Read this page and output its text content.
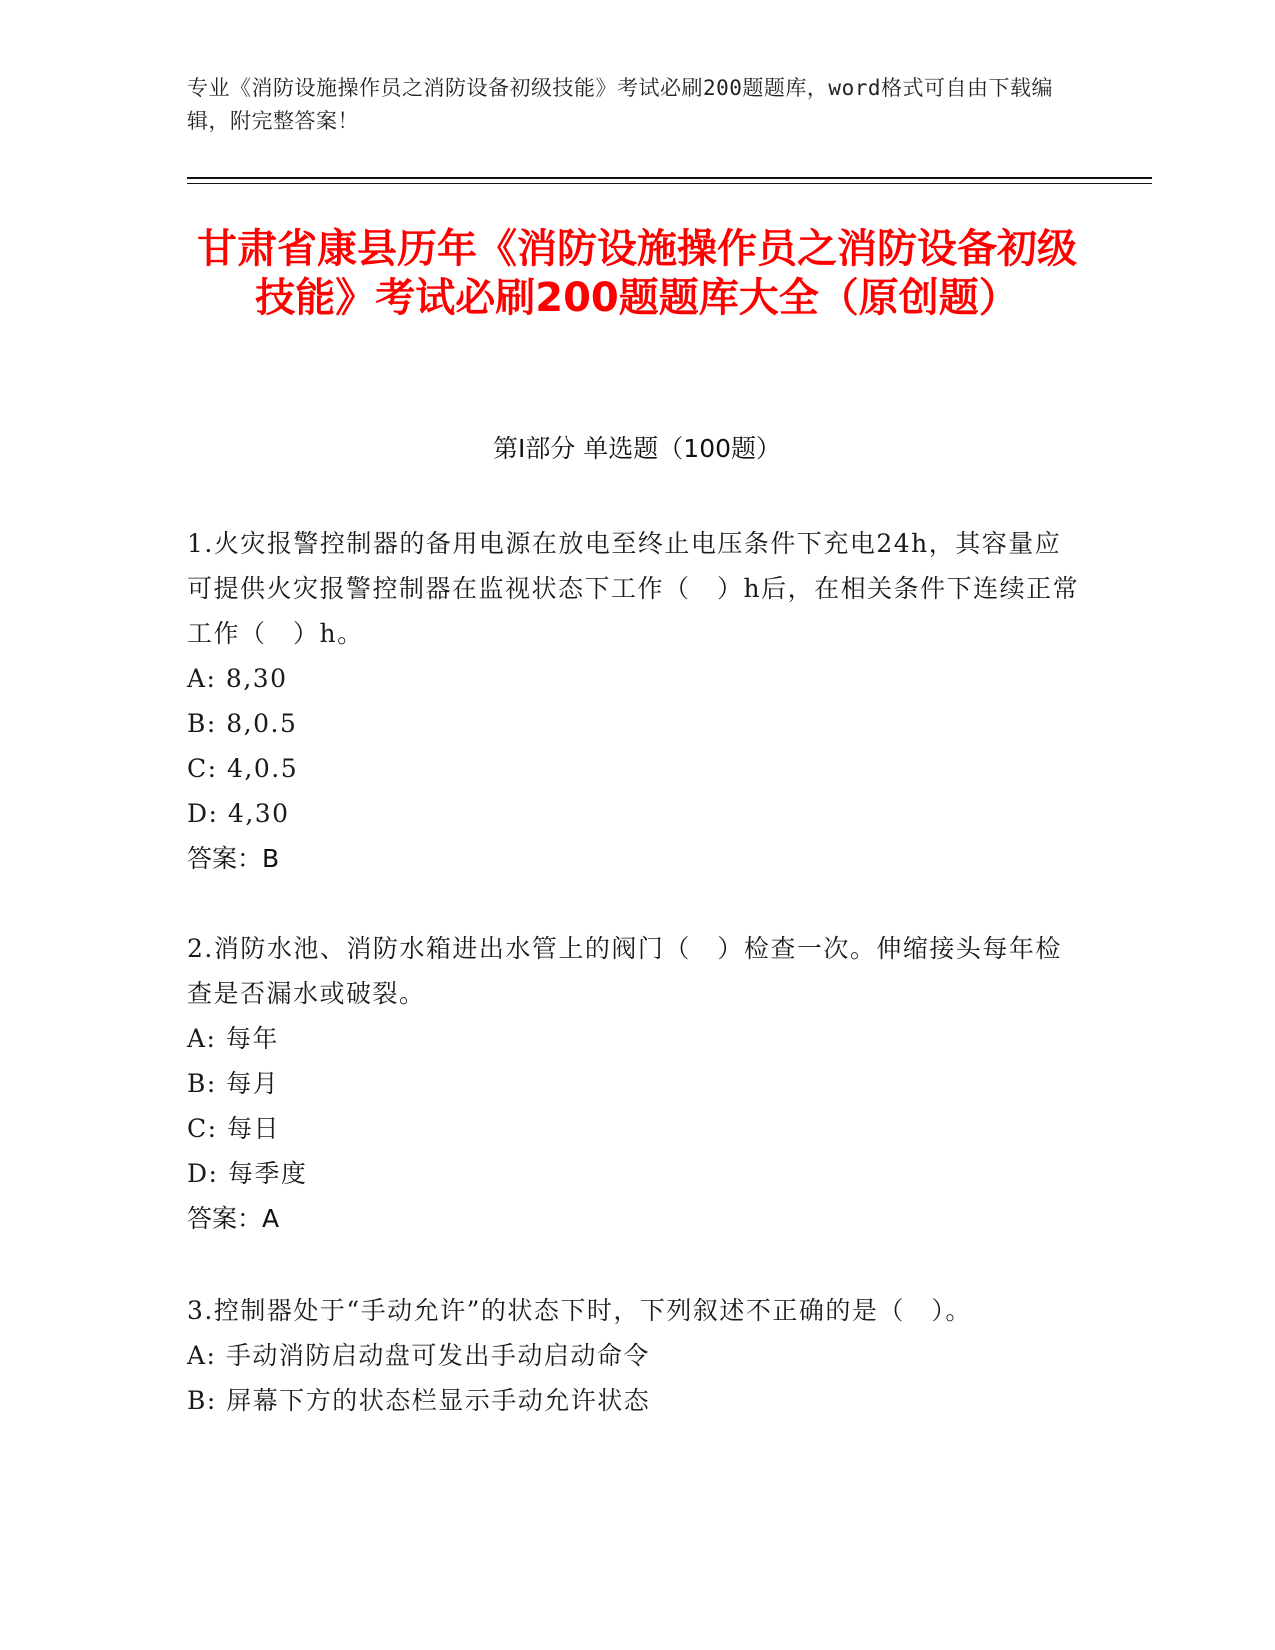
专业《消防设施操作员之消防设备初级技能》考试必刷200题题库，word格式可自由下载编辑，附完整答案！
甘肃省康县历年《消防设施操作员之消防设备初级技能》考试必刷200题题库大全（原创题）
第I部分 单选题（100题）

1.火灾报警控制器的备用电源在放电至终止电压条件下充电24h，其容量应可提供火灾报警控制器在监视状态下工作（　）h后，在相关条件下连续正常工作（　）h。

A: 8,30

B: 8,0.5

C: 4,0.5

D: 4,30

答案：B

2.消防水池、消防水箱进出水管上的阀门（　）检查一次。伸缩接头每年检查是否漏水或破裂。

A: 每年

B: 每月

C: 每日

D: 每季度

答案：A

3.控制器处于“手动允许”的状态下时，下列叙述不正确的是（　）。

A: 手动消防启动盘可发出手动启动命令

B: 屏幕下方的状态栏显示手动允许状态
